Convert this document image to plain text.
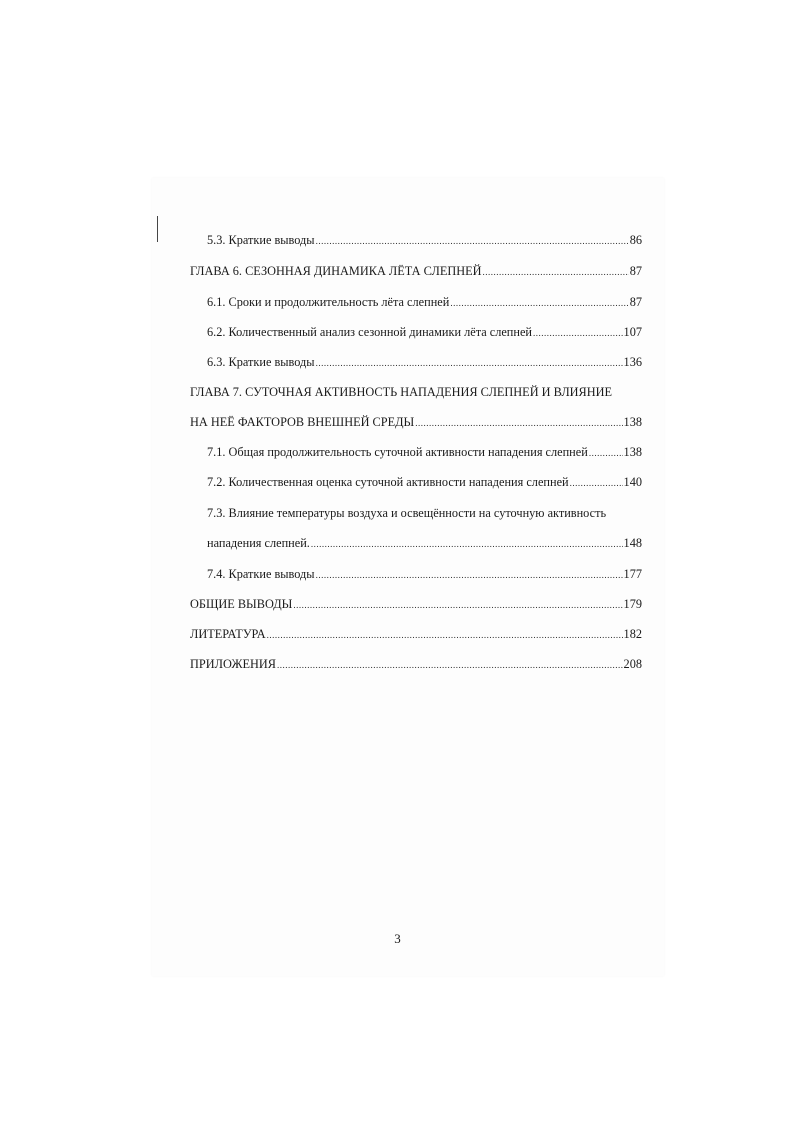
5.3. Краткие выводы .....	86
ГЛАВА 6. СЕЗОННАЯ ДИНАМИКА ЛЁТА СЛЕПНЕЙ .....	87
6.1. Сроки и продолжительность лёта слепней .....	87
6.2. Количественный анализ сезонной динамики лёта слепней .....	107
6.3. Краткие выводы .....	136
ГЛАВА 7. СУТОЧНАЯ АКТИВНОСТЬ НАПАДЕНИЯ СЛЕПНЕЙ И ВЛИЯНИЕ
НА НЕЁ ФАКТОРОВ ВНЕШНЕЙ СРЕДЫ .....	138
7.1. Общая продолжительность суточной активности нападения слепней .....	138
7.2. Количественная оценка суточной активности нападения слепней .....	140
7.3. Влияние температуры воздуха и освещённости на суточную активность
нападения слепней. .....	148
7.4. Краткие выводы .....	177
ОБЩИЕ ВЫВОДЫ .....	179
ЛИТЕРАТУРА .....	182
ПРИЛОЖЕНИЯ .....	208
3
